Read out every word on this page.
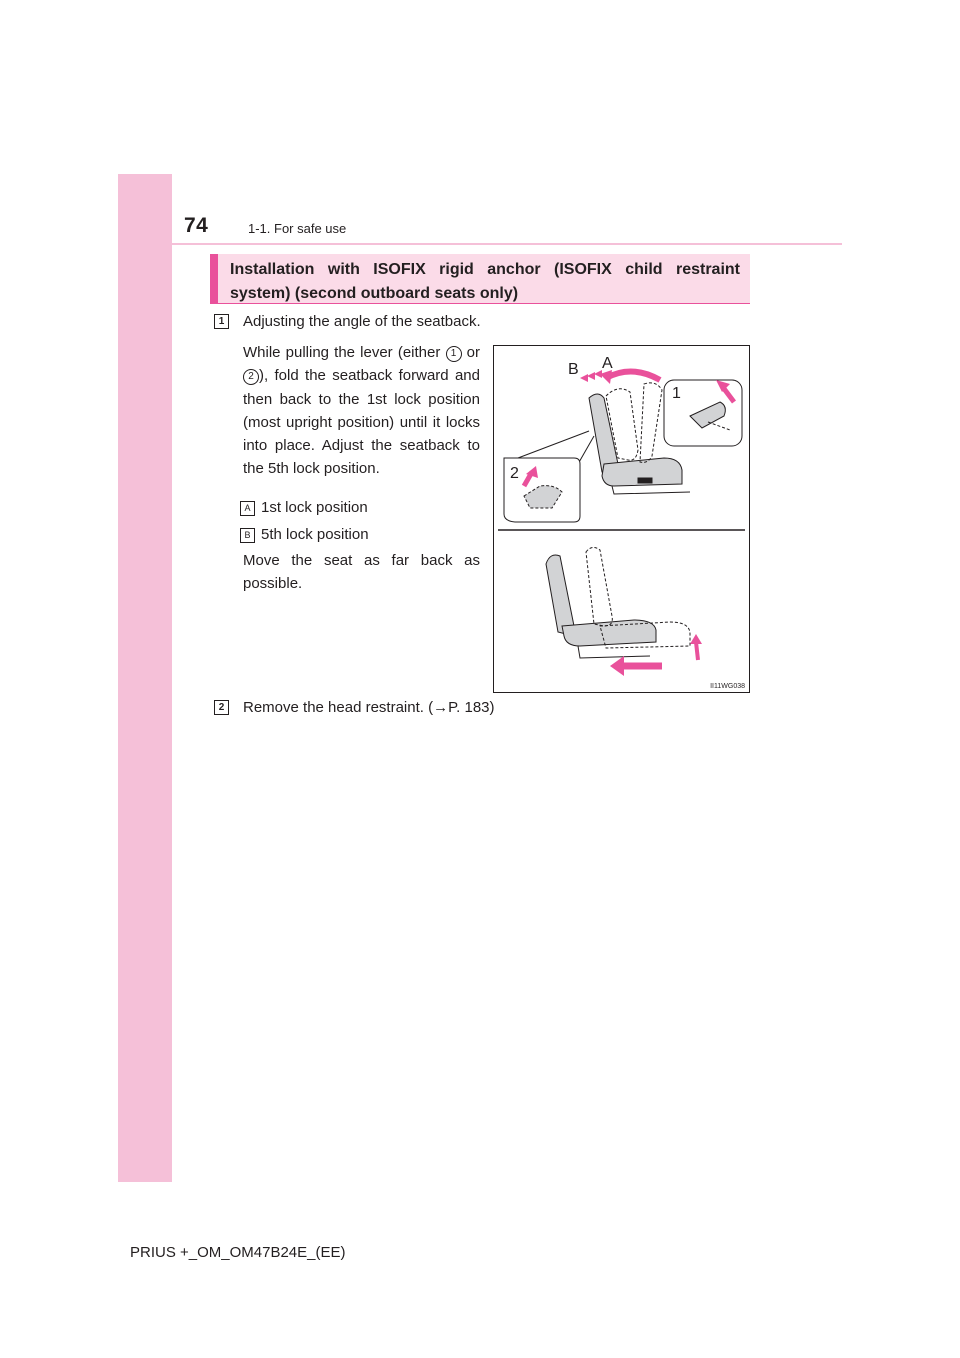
74	1-1. For safe use
Installation with ISOFIX rigid anchor (ISOFIX child restraint system) (second outboard seats only)
1	Adjusting the angle of the seatback.
While pulling the lever (either 1 or 2 ), fold the seatback forward and then back to the 1st lock position (most upright position) until it locks into place. Adjust the seatback to the 5th lock position.
A 1st lock position
B 5th lock position
Move the seat as far back as possible.
A
B
1
2
II11WG038
2	Remove the head restraint. (→P. 183)
PRIUS +_OM_OM47B24E_(EE)
